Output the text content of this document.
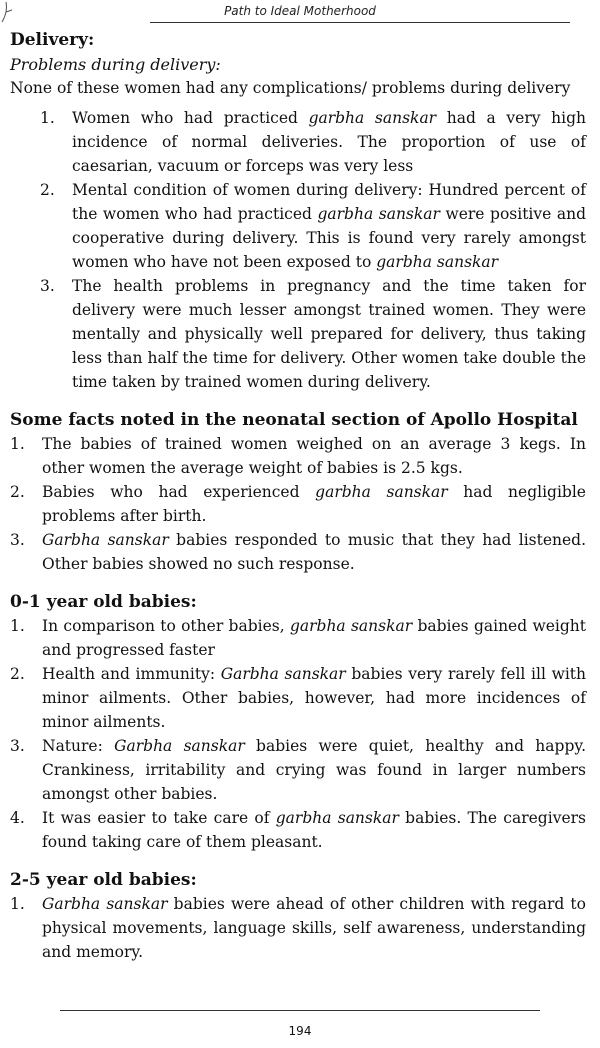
Path to Ideal Motherhood

Delivery:

Problems during delivery:

None of these women had any complications/ problems during delivery

1.	Women who had practiced garbha sanskar had a very high incidence of normal deliveries. The proportion of use of caesarian, vacuum or forceps was very less
2.	Mental condition of women during delivery: Hundred percent of the women who had practiced garbha sanskar were positive and cooperative during delivery. This is found very rarely amongst women who have not been exposed to garbha sanskar
3.	The health problems in pregnancy and the time taken for delivery were much lesser amongst trained women. They were mentally and physically well prepared for delivery, thus taking less than half the time for delivery. Other women take double the time taken by trained women during delivery.

Some facts noted in the neonatal section of Apollo Hospital

1.	The babies of trained women weighed on an average 3 kegs. In other women the average weight of babies is 2.5 kgs.
2.	Babies who had experienced garbha sanskar had negligible problems after birth.
3.	Garbha sanskar babies responded to music that they had listened. Other babies showed no such response.

0-1 year old babies:

1.	In comparison to other babies, garbha sanskar babies gained weight and progressed faster
2.	Health and immunity: Garbha sanskar babies very rarely fell ill with minor ailments. Other babies, however, had more incidences of minor ailments.
3.	Nature: Garbha sanskar babies were quiet, healthy and happy. Crankiness, irritability and crying was found in larger numbers amongst other babies.
4.	It was easier to take care of garbha sanskar babies. The caregivers found taking care of them pleasant.

2-5 year old babies:

1.	Garbha sanskar babies were ahead of other children with regard to physical movements, language skills, self awareness, understanding and memory.
194
